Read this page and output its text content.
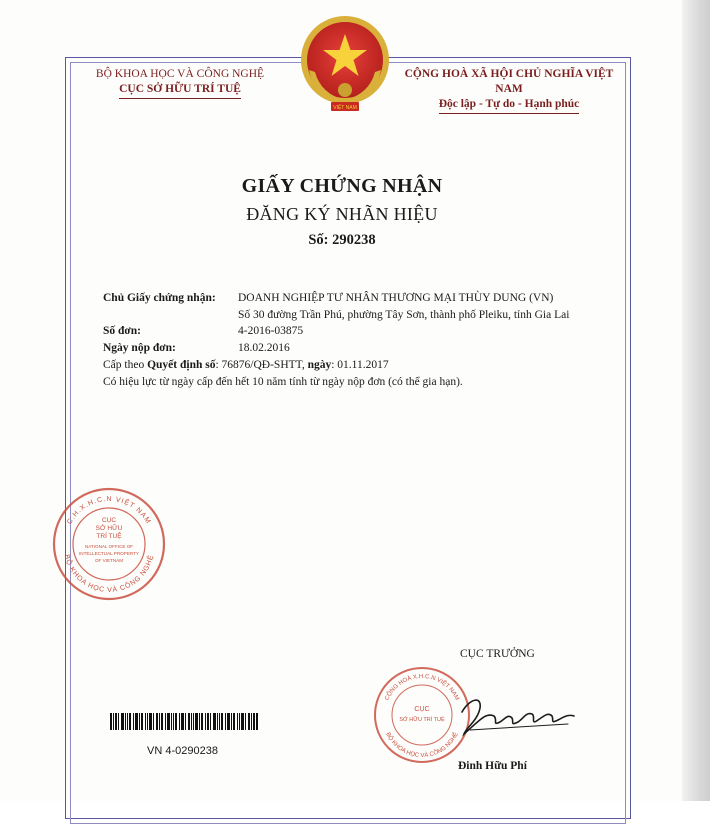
VIỆT NAM
BỘ KHOA HỌC VÀ CÔNG NGHỆ
CỤC SỞ HỮU TRÍ TUỆ
CỘNG HOÀ XÃ HỘI CHỦ NGHĨA VIỆT NAM
Độc lập - Tự do - Hạnh phúc
GIẤY CHỨNG NHẬN
ĐĂNG KÝ NHÃN HIỆU
Số: 290238
Chủ Giấy chứng nhận: DOANH NGHIỆP TƯ NHÂN THƯƠNG MẠI THÙY DUNG (VN)
Số 30 đường Trần Phú, phường Tây Sơn, thành phố Pleiku, tỉnh Gia Lai
Số đơn:	4-2016-03875
Ngày nộp đơn:	18.02.2016
Cấp theo Quyết định số: 76876/QĐ-SHTT, ngày: 01.11.2017
Có hiệu lực từ ngày cấp đến hết 10 năm tính từ ngày nộp đơn (có thể gia hạn).
C.H.X.H.C.N VIỆT NAM
BỘ KHOA HỌC VÀ CÔNG NGHỆ
CỤC
SỞ HỮU
TRÍ TUỆ
NATIONAL OFFICE OF
INTELLECTUAL PROPERTY
OF VIETNAM
CỤC TRƯỞNG
CỘNG HOÀ X.H.C.N VIỆT NAM
BỘ KHOA HỌC VÀ CÔNG NGHỆ
CỤC
SỞ HỮU TRÍ TUỆ
Đinh Hữu Phí
VN 4-0290238
